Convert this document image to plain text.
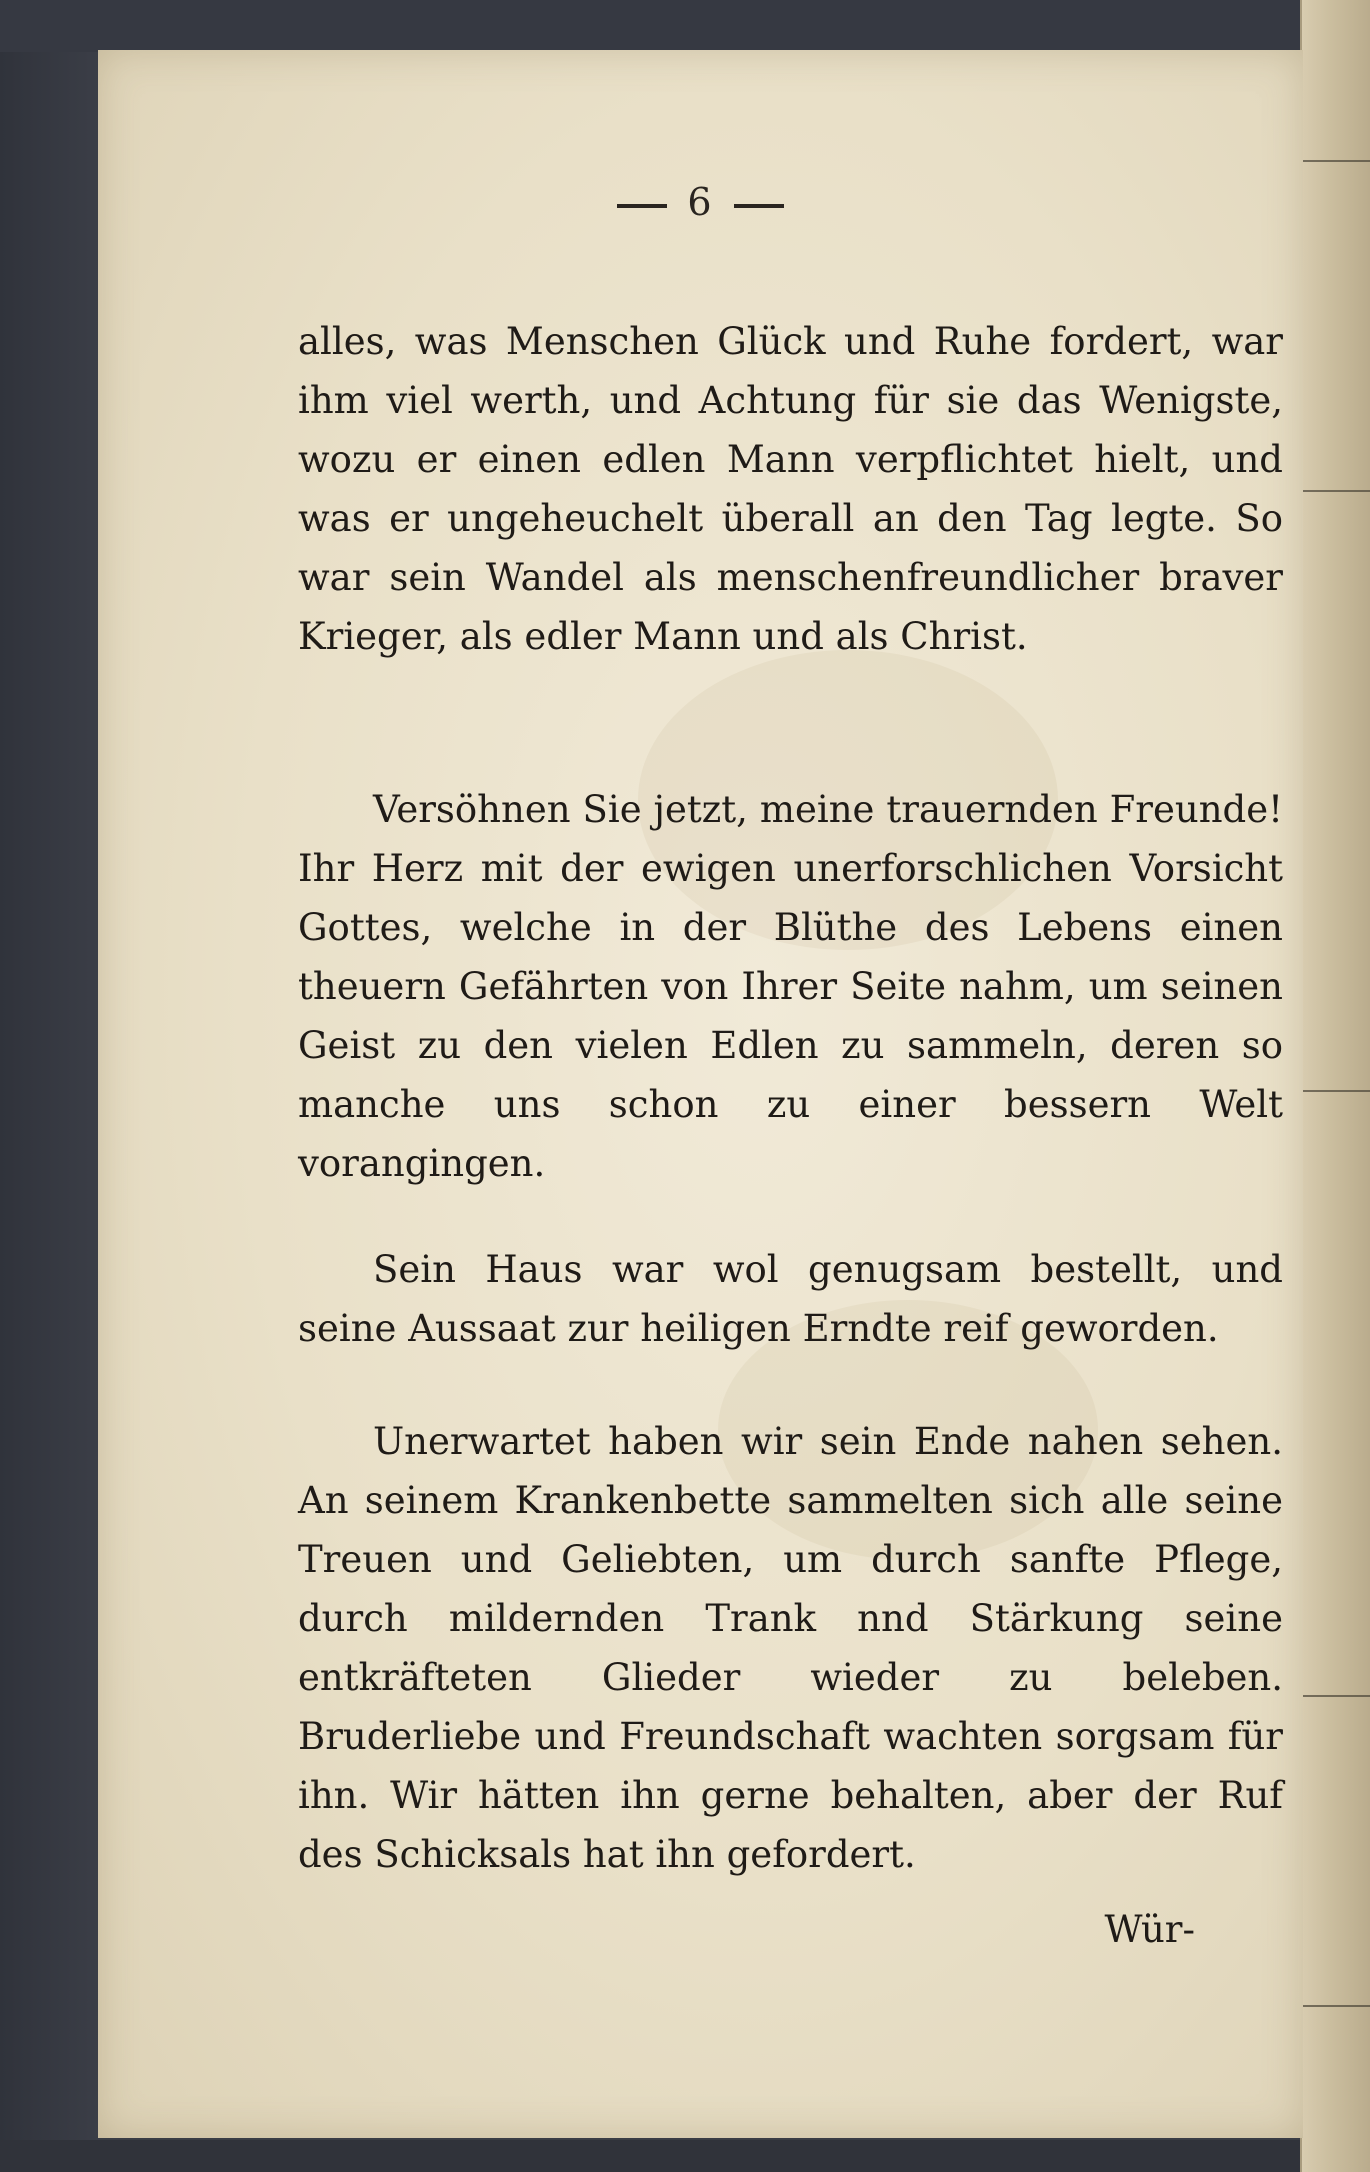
6

alles, was Menschen Glück und Ruhe fordert, war ihm viel werth, und Achtung für sie das Wenigste, wozu er einen edlen Mann verpflichtet hielt, und was er ungeheuchelt überall an den Tag legte. So war sein Wandel als menschenfreundlicher braver Krieger, als edler Mann und als Christ.

Versöhnen Sie jetzt, meine trauernden Freunde! Ihr Herz mit der ewigen unerforschlichen Vorsicht Gottes, welche in der Blüthe des Lebens einen theuern Gefährten von Ihrer Seite nahm, um seinen Geist zu den vielen Edlen zu sammeln, deren so manche uns schon zu einer bessern Welt vorangingen.

Sein Haus war wol genugsam bestellt, und seine Aussaat zur heiligen Erndte reif geworden.

Unerwartet haben wir sein Ende nahen sehen. An seinem Krankenbette sammelten sich alle seine Treuen und Geliebten, um durch sanfte Pflege, durch mildernden Trank nnd Stärkung seine entkräfteten Glieder wieder zu beleben. Bruderliebe und Freundschaft wachten sorgsam für ihn. Wir hätten ihn gerne behalten, aber der Ruf des Schicksals hat ihn gefordert.

Wür-
